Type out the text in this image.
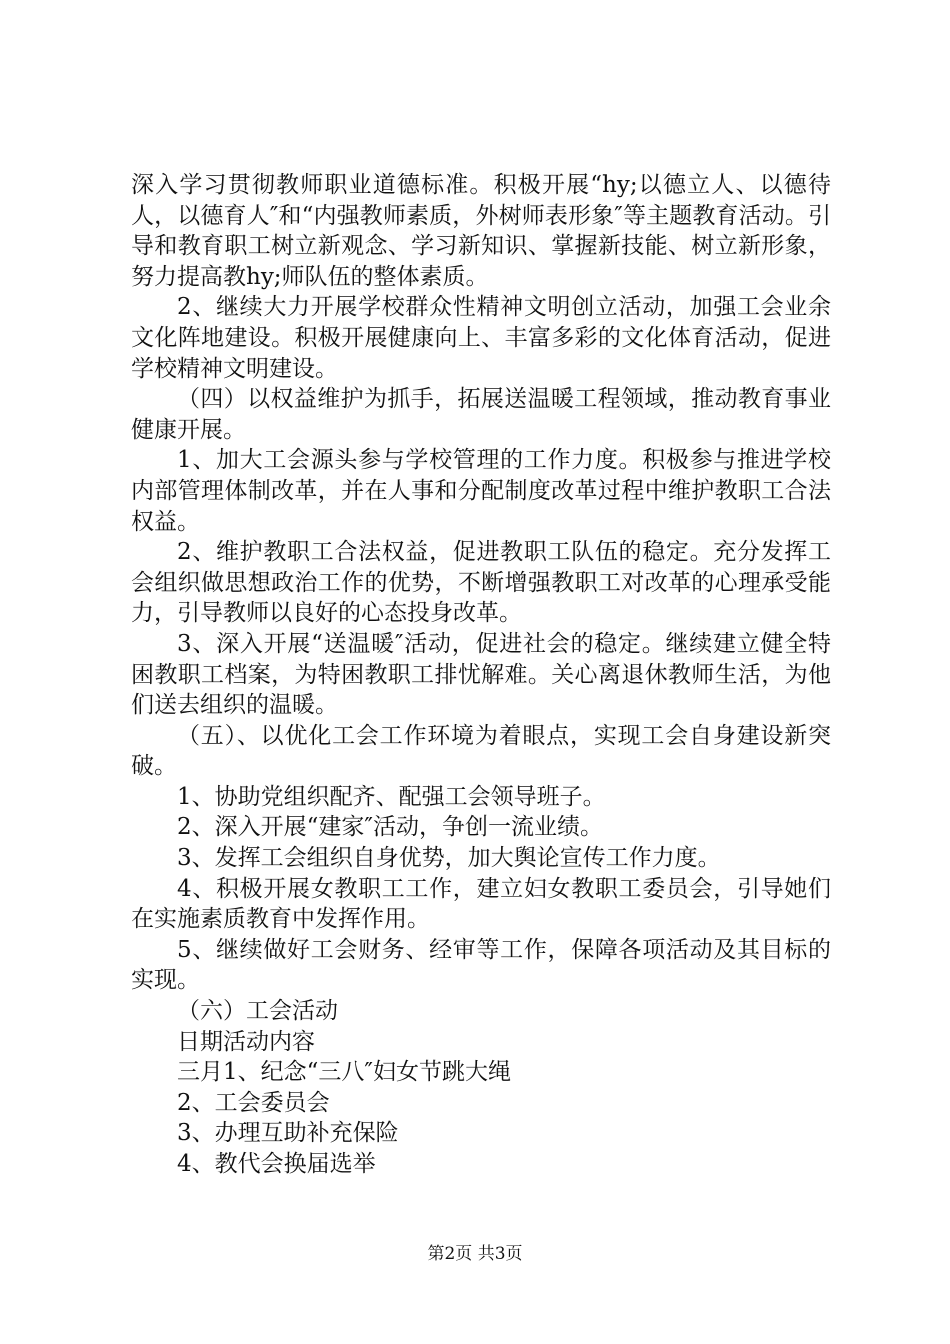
深入学习贯彻教师职业道德标准。积极开展“hy;以德立人、以德待人，以德育人″和“内强教师素质，外树师表形象″等主题教育活动。引导和教育职工树立新观念、学习新知识、掌握新技能、树立新形象，努力提高教hy;师队伍的整体素质。

2、继续大力开展学校群众性精神文明创立活动，加强工会业余文化阵地建设。积极开展健康向上、丰富多彩的文化体育活动，促进学校精神文明建设。

（四）以权益维护为抓手，拓展送温暖工程领域，推动教育事业健康开展。

1、加大工会源头参与学校管理的工作力度。积极参与推进学校内部管理体制改革，并在人事和分配制度改革过程中维护教职工合法权益。

2、维护教职工合法权益，促进教职工队伍的稳定。充分发挥工会组织做思想政治工作的优势，不断增强教职工对改革的心理承受能力，引导教师以良好的心态投身改革。

3、深入开展“送温暖″活动，促进社会的稳定。继续建立健全特困教职工档案，为特困教职工排忧解难。关心离退休教师生活，为他们送去组织的温暖。

（五）、以优化工会工作环境为着眼点，实现工会自身建设新突破。

1、协助党组织配齐、配强工会领导班子。

2、深入开展“建家″活动，争创一流业绩。

3、发挥工会组织自身优势，加大舆论宣传工作力度。

4、积极开展女教职工工作，建立妇女教职工委员会，引导她们在实施素质教育中发挥作用。

5、继续做好工会财务、经审等工作，保障各项活动及其目标的实现。

（六）工会活动

日期活动内容

三月1、纪念“三八″妇女节跳大绳

2、工会委员会

3、办理互助补充保险

4、教代会换届选举

第2页 共3页
